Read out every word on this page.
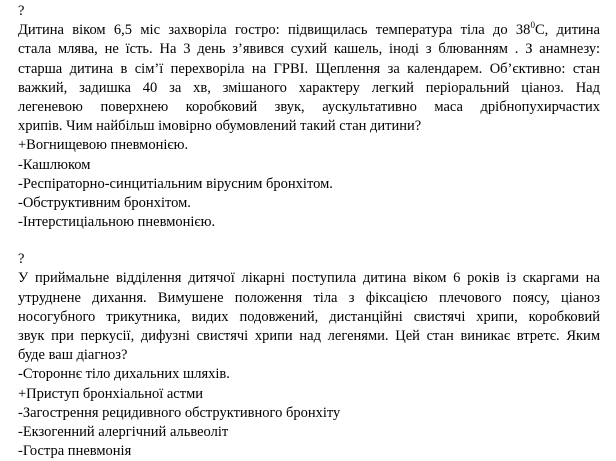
?
Дитина віком 6,5 міс захворіла гостро: підвищилась температура тіла до $38^0С$, дитина
стала млява, не їсть. На 3 день з’явився сухий кашель, іноді з блюванням . З анамнезу:
старша дитина в сім’ї перехворіла на ГРВІ. Щеплення за календарем. Об’єктивно: стан
важкий, задишка 40 за хв, змішаного характеру легкий періоральний ціаноз. Над
легеневою поверхнею коробковий звук, аускультативно маса дрібнопухирчастих
хрипів. Чим найбільш імовірно обумовлений такий стан дитини?
+Вогнищевою пневмонією.
-Кашлюком
-Респіраторно-синцитіальним вірусним бронхітом.
-Обструктивним бронхітом.
-Інтерстиціальною пневмонією.
?
У приймальне відділення дитячої лікарні поступила дитина віком 6 років із скаргами на
утруднене дихання. Вимушене положення тіла з фіксацією плечового поясу, ціаноз
носогубного трикутника, видих подовжений, дистанційні свистячі хрипи, коробковий
звук при перкусії, дифузні свистячі хрипи над легенями. Цей стан виникає втретє. Яким
буде ваш діагноз?
-Стороннє тіло дихальних шляхів.
+Приступ бронхіальної астми
-Загострення рецидивного обструктивного бронхіту
-Екзогенний алергічний альвеоліт
-Гостра пневмонія
